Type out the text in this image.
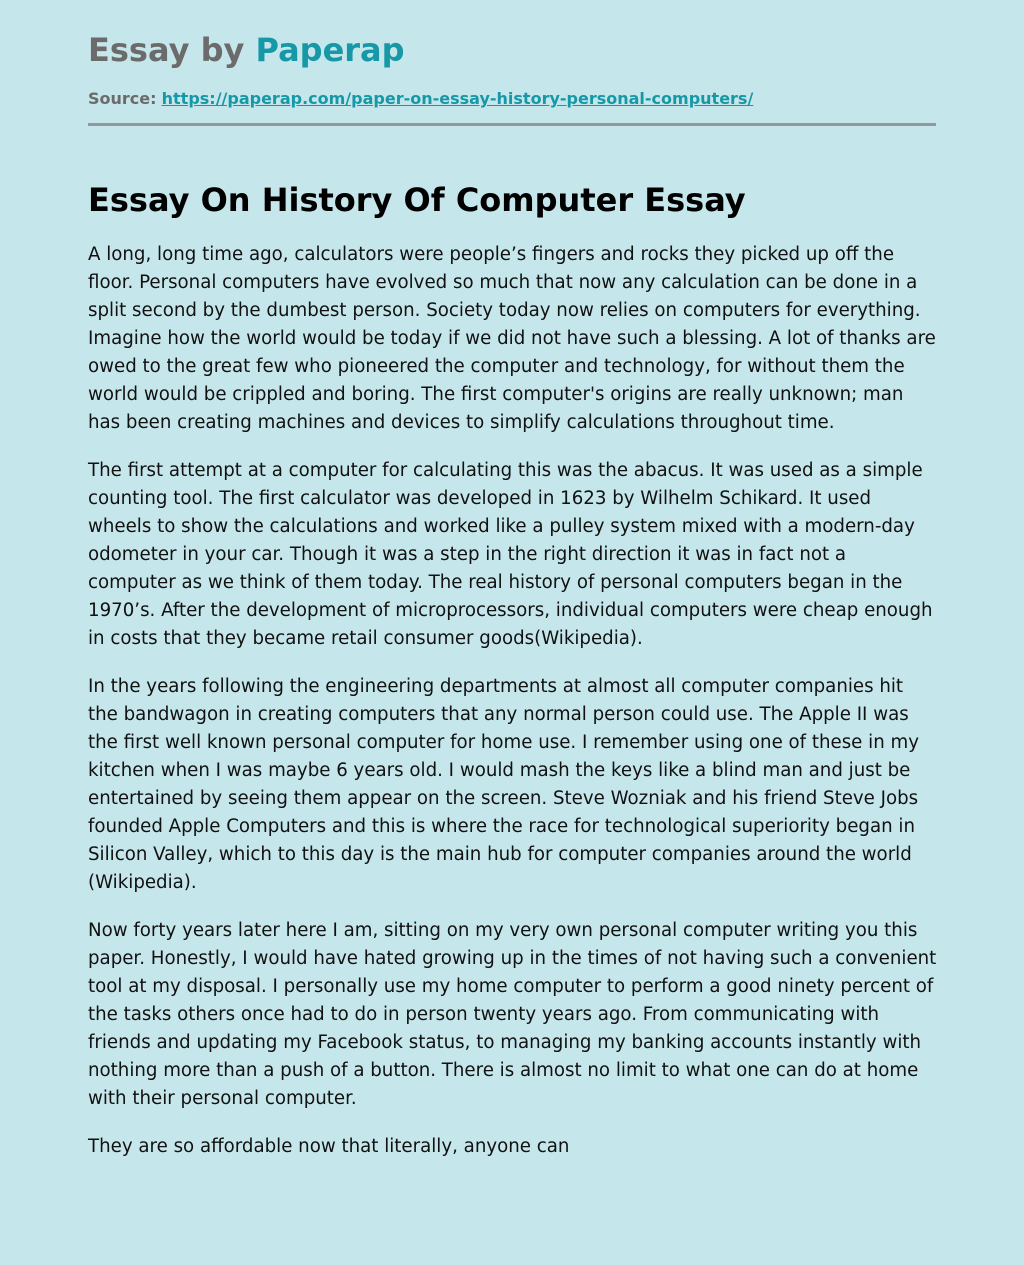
Essay by Paperap
Source: https://paperap.com/paper-on-essay-history-personal-computers/
Essay On History Of Computer Essay

A long, long time ago, calculators were people’s fingers and rocks they picked up off the floor. Personal computers have evolved so much that now any calculation can be done in a split second by the dumbest person. Society today now relies on computers for everything. Imagine how the world would be today if we did not have such a blessing. A lot of thanks are owed to the great few who pioneered the computer and technology, for without them the world would be crippled and boring. The first computer's origins are really unknown; man has been creating machines and devices to simplify calculations throughout time.

The first attempt at a computer for calculating this was the abacus. It was used as a simple counting tool. The first calculator was developed in 1623 by Wilhelm Schikard. It used wheels to show the calculations and worked like a pulley system mixed with a modern-day odometer in your car. Though it was a step in the right direction it was in fact not a computer as we think of them today. The real history of personal computers began in the 1970’s. After the development of microprocessors, individual computers were cheap enough in costs that they became retail consumer goods(Wikipedia).

In the years following the engineering departments at almost all computer companies hit the bandwagon in creating computers that any normal person could use. The Apple II was the first well known personal computer for home use. I remember using one of these in my kitchen when I was maybe 6 years old. I would mash the keys like a blind man and just be entertained by seeing them appear on the screen. Steve Wozniak and his friend Steve Jobs founded Apple Computers and this is where the race for technological superiority began in Silicon Valley, which to this day is the main hub for computer companies around the world (Wikipedia).

Now forty years later here I am, sitting on my very own personal computer writing you this paper. Honestly, I would have hated growing up in the times of not having such a convenient tool at my disposal. I personally use my home computer to perform a good ninety percent of the tasks others once had to do in person twenty years ago. From communicating with friends and updating my Facebook status, to managing my banking accounts instantly with nothing more than a push of a button. There is almost no limit to what one can do at home with their personal computer.

They are so affordable now that literally, anyone can
